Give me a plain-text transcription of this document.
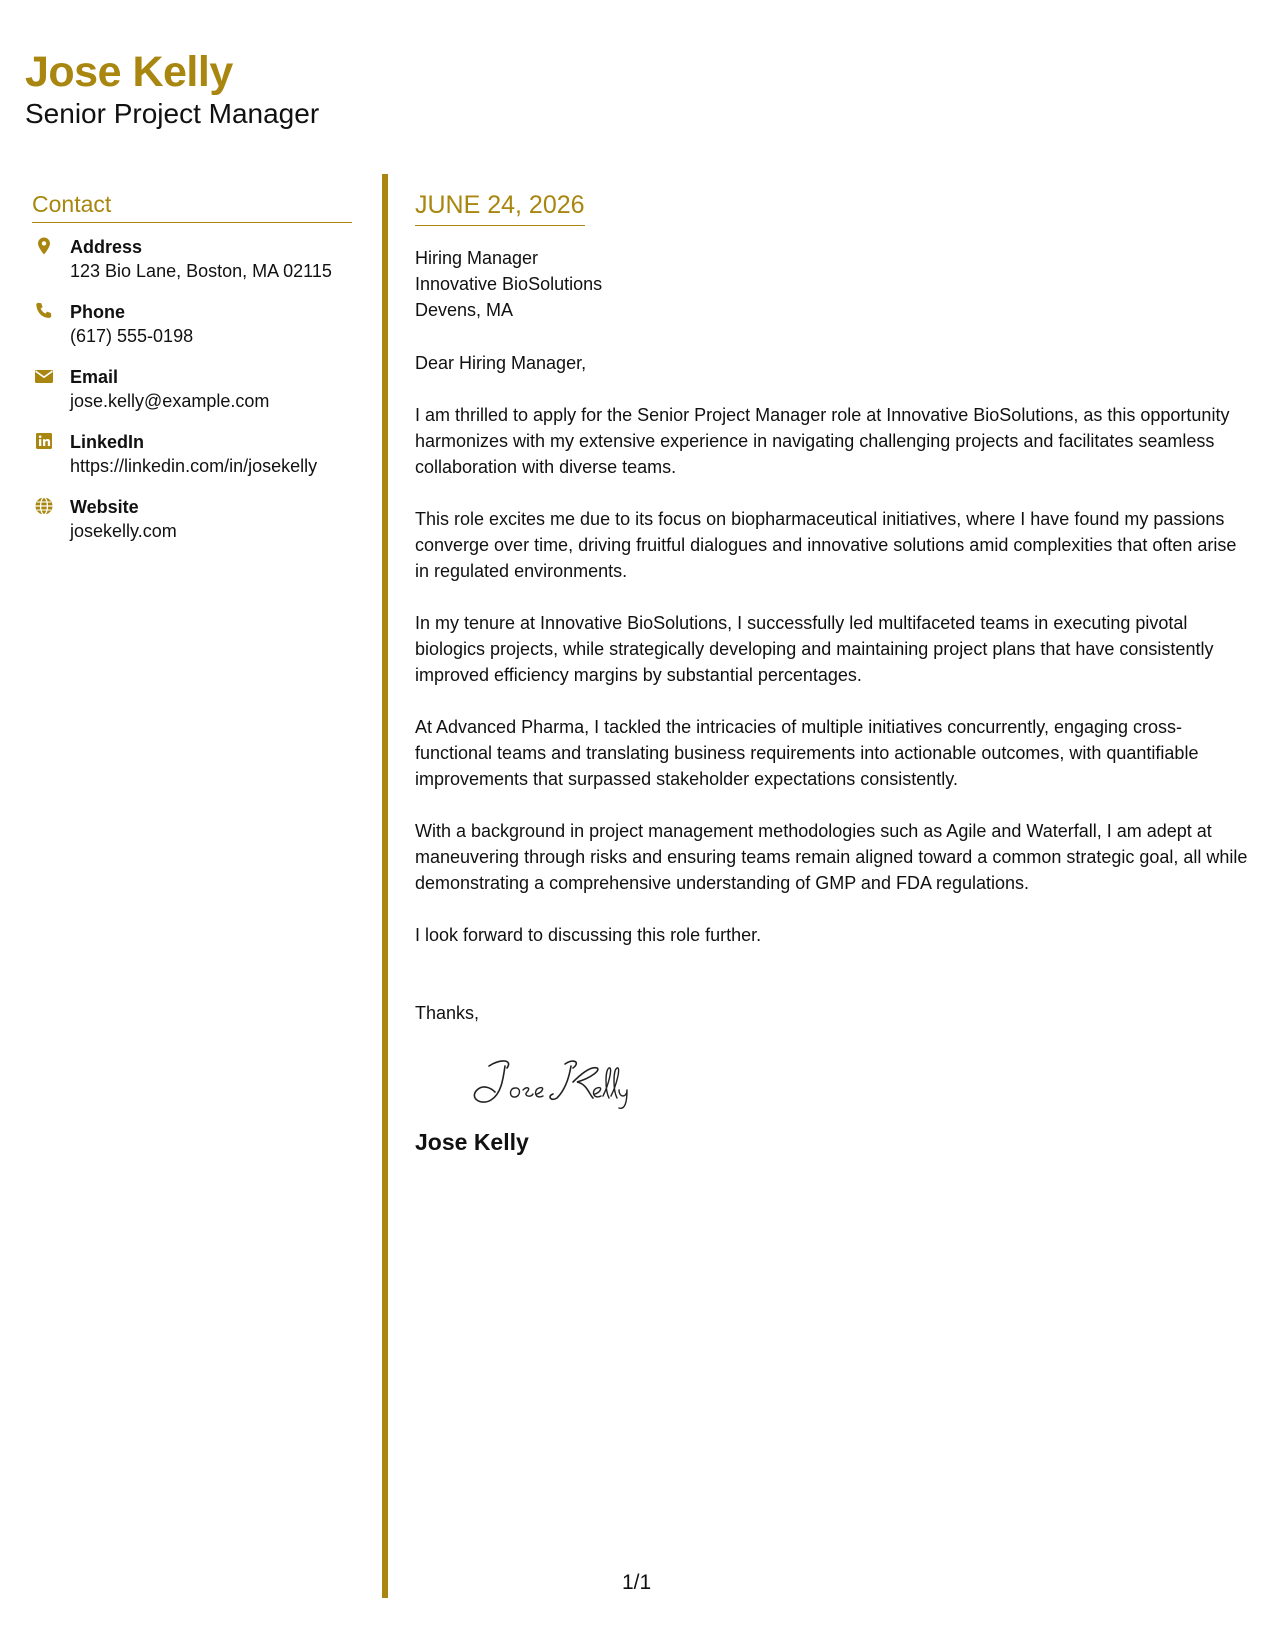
Jose Kelly
Senior Project Manager
Contact
Address
123 Bio Lane, Boston, MA 02115
Phone
(617) 555-0198
Email
jose.kelly@example.com
LinkedIn
https://linkedin.com/in/josekelly
Website
josekelly.com
JUNE 24, 2026
Hiring Manager
Innovative BioSolutions
Devens, MA
Dear Hiring Manager,
I am thrilled to apply for the Senior Project Manager role at Innovative BioSolutions, as this opportunity harmonizes with my extensive experience in navigating challenging projects and facilitates seamless collaboration with diverse teams.
This role excites me due to its focus on biopharmaceutical initiatives, where I have found my passions converge over time, driving fruitful dialogues and innovative solutions amid complexities that often arise in regulated environments.
In my tenure at Innovative BioSolutions, I successfully led multifaceted teams in executing pivotal biologics projects, while strategically developing and maintaining project plans that have consistently improved efficiency margins by substantial percentages.
At Advanced Pharma, I tackled the intricacies of multiple initiatives concurrently, engaging cross-functional teams and translating business requirements into actionable outcomes, with quantifiable improvements that surpassed stakeholder expectations consistently.
With a background in project management methodologies such as Agile and Waterfall, I am adept at maneuvering through risks and ensuring teams remain aligned toward a common strategic goal, all while demonstrating a comprehensive understanding of GMP and FDA regulations.
I look forward to discussing this role further.
Thanks,
Jose Kelly
1/1
